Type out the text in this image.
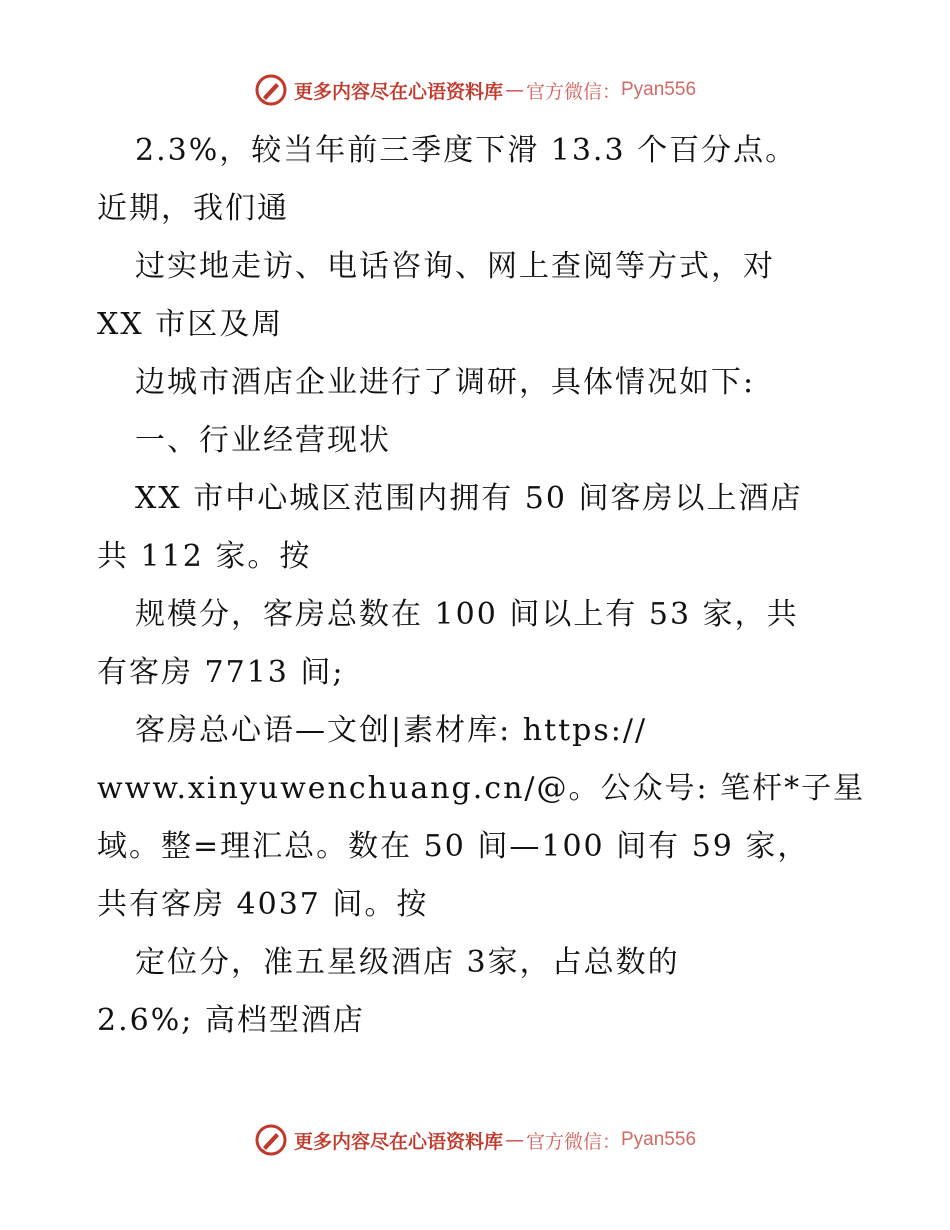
更多内容尽在心语资料库 — 官方微信： Pyan556
2.3%，较当年前三季度下滑 13.3 个百分点。
近期，我们通
过实地走访、电话咨询、网上查阅等方式，对
XX 市区及周
边城市酒店企业进行了调研，具体情况如下:
一、行业经营现状
XX 市中心城区范围内拥有 50 间客房以上酒店
共 112 家。按
规模分，客房总数在 100 间以上有 53 家，共
有客房 7713 间;
客房总心语—文创|素材库: https://
www.xinyuwenchuang.cn/@。公众号: 笔杆*子星
域。整=理汇总。数在 50 间—100 间有 59 家，
共有客房 4037 间。按
定位分，准五星级酒店 3家，占总数的
2.6%; 高档型酒店
更多内容尽在心语资料库 — 官方微信： Pyan556
